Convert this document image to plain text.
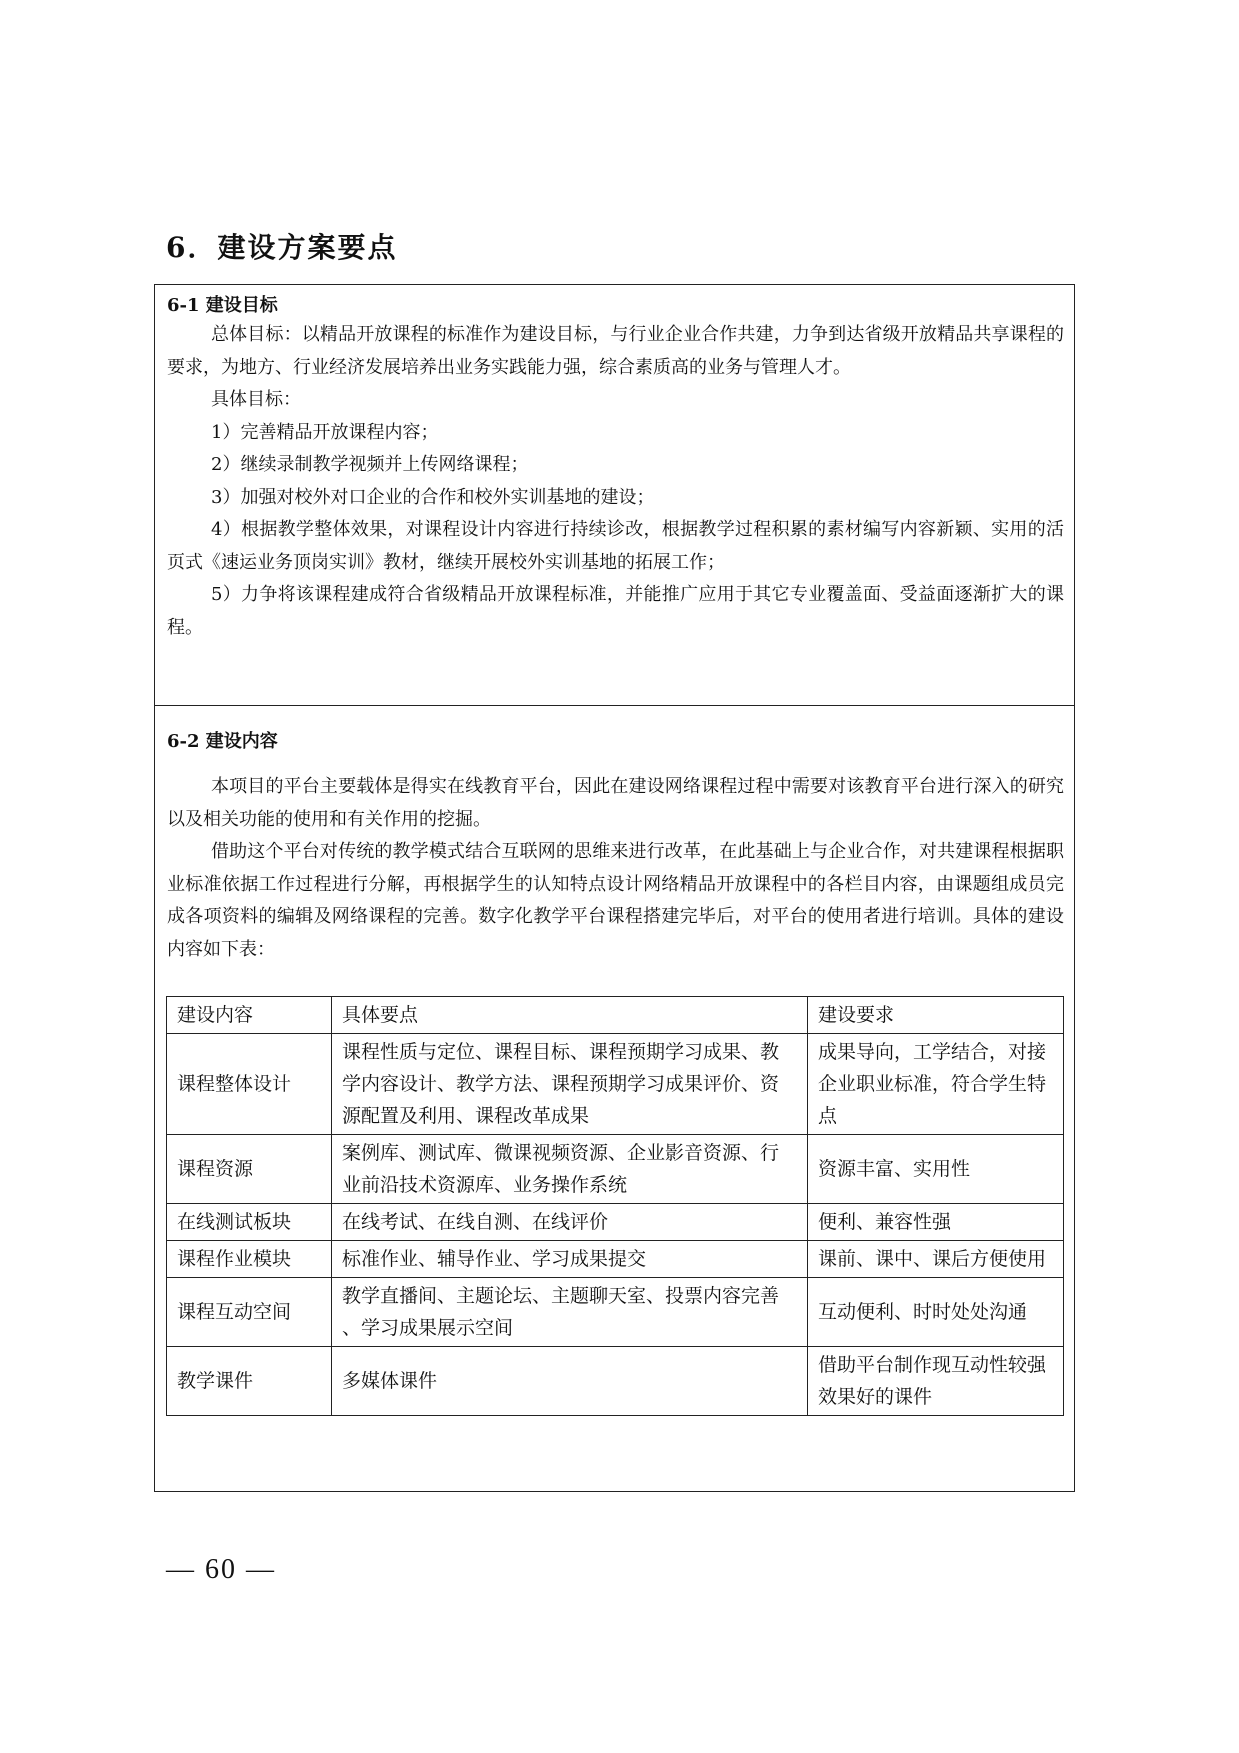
6．建设方案要点
6-1 建设目标

总体目标：以精品开放课程的标准作为建设目标，与行业企业合作共建，力争到达省级开放精品共享课程的要求，为地方、行业经济发展培养出业务实践能力强，综合素质高的业务与管理人才。

具体目标：

1）完善精品开放课程内容；

2）继续录制教学视频并上传网络课程；

3）加强对校外对口企业的合作和校外实训基地的建设；

4）根据教学整体效果，对课程设计内容进行持续诊改，根据教学过程积累的素材编写内容新颖、实用的活页式《速运业务顶岗实训》教材，继续开展校外实训基地的拓展工作；

5）力争将该课程建成符合省级精品开放课程标准，并能推广应用于其它专业覆盖面、受益面逐渐扩大的课程。

6-2 建设内容

本项目的平台主要载体是得实在线教育平台，因此在建设网络课程过程中需要对该教育平台进行深入的研究以及相关功能的使用和有关作用的挖掘。

借助这个平台对传统的教学模式结合互联网的思维来进行改革，在此基础上与企业合作，对共建课程根据职业标准依据工作过程进行分解，再根据学生的认知特点设计网络精品开放课程中的各栏目内容，由课题组成员完成各项资料的编辑及网络课程的完善。数字化教学平台课程搭建完毕后，对平台的使用者进行培训。具体的建设内容如下表：

建设内容	具体要点	建设要求
课程整体设计	课程性质与定位、课程目标、课程预期学习成果、教学内容设计、教学方法、课程预期学习成果评价、资源配置及利用、课程改革成果	成果导向，工学结合，对接企业职业标准，符合学生特点
课程资源	案例库、测试库、微课视频资源、企业影音资源、行业前沿技术资源库、业务操作系统	资源丰富、实用性
在线测试板块	在线考试、在线自测、在线评价	便利、兼容性强
课程作业模块	标准作业、辅导作业、学习成果提交	课前、课中、课后方便使用
课程互动空间	教学直播间、主题论坛、主题聊天室、投票内容完善 、学习成果展示空间	互动便利、时时处处沟通
教学课件	多媒体课件	借助平台制作现互动性较强效果好的课件
— 60 —
